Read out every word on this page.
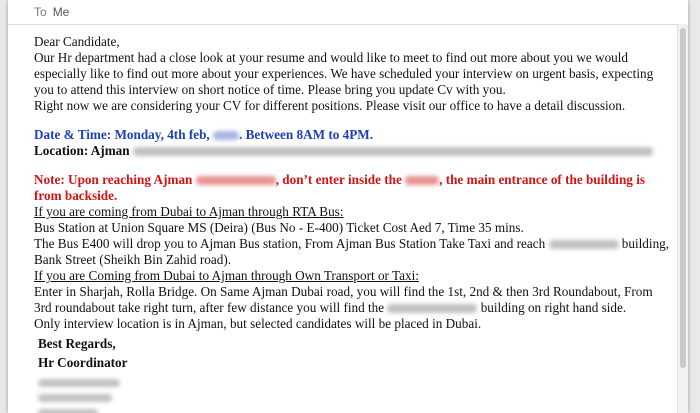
To Me

Dear Candidate,

Our Hr department had a close look at your resume and would like to meet to find out more about you we would especially like to find out more about your experiences. We have scheduled your interview on urgent basis, expecting you to attend this interview on short notice of time. Please bring you update Cv with you.

Right now we are considering your CV for different positions. Please visit our office to have a detail discussion.

Date & Time: Monday, 4th feb, . Between 8AM to 4PM.

Location: Ajman

Note: Upon reaching Ajman	, don’t enter inside the	, the main entrance of the building is from backside.

If you are coming from Dubai to Ajman through RTA Bus:

Bus Station at Union Square MS (Deira) (Bus No - E-400) Ticket Cost Aed 7, Time 35 mins.

The Bus E400 will drop you to Ajman Bus station, From Ajman Bus Station Take Taxi and reach	building, Bank Street (Sheikh Bin Zahid road).

If you are Coming from Dubai to Ajman through Own Transport or Taxi:

Enter in Sharjah, Rolla Bridge. On Same Ajman Dubai road, you will find the 1st, 2nd & then 3rd Roundabout, From 3rd roundabout take right turn, after few distance you will find the	building on right hand side.

Only interview location is in Ajman, but selected candidates will be placed in Dubai.

Best Regards,
Hr Coordinator
